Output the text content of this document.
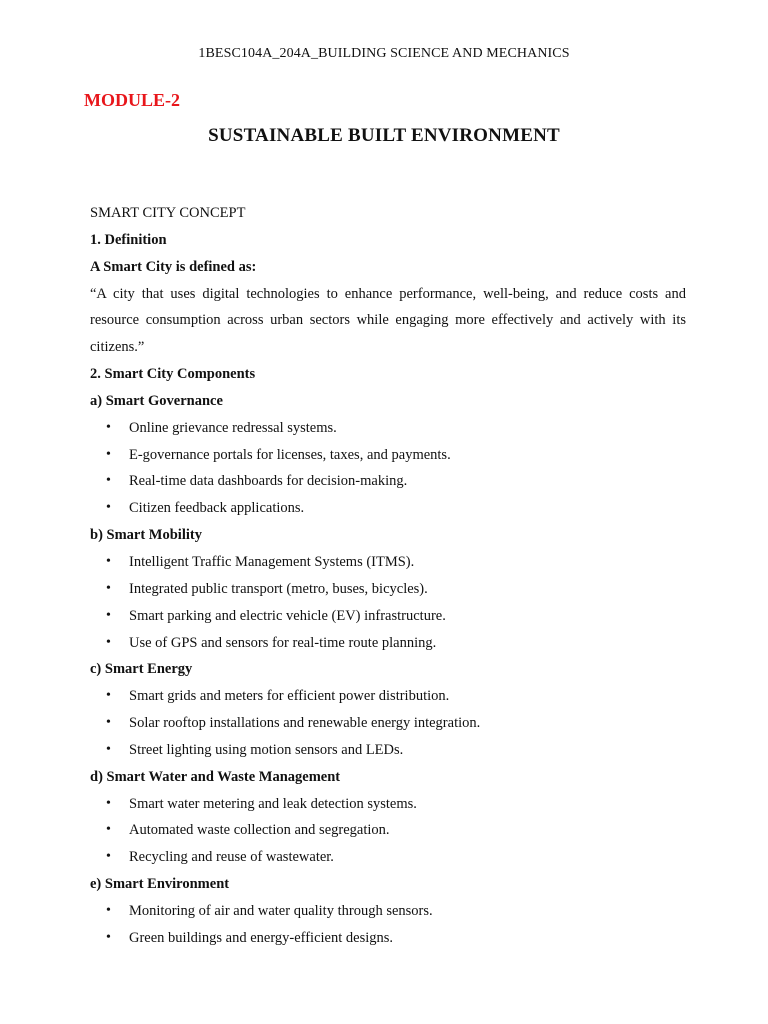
1BESC104A_204A_BUILDING SCIENCE AND MECHANICS
MODULE-2
SUSTAINABLE BUILT ENVIRONMENT
SMART CITY CONCEPT
1. Definition
A Smart City is defined as:
“A city that uses digital technologies to enhance performance, well-being, and reduce costs and
resource consumption across urban sectors while engaging more effectively and actively with its
citizens.”
2. Smart City Components
a) Smart Governance
• Online grievance redressal systems.
• E-governance portals for licenses, taxes, and payments.
• Real-time data dashboards for decision-making.
• Citizen feedback applications.
b) Smart Mobility
• Intelligent Traffic Management Systems (ITMS).
• Integrated public transport (metro, buses, bicycles).
• Smart parking and electric vehicle (EV) infrastructure.
• Use of GPS and sensors for real-time route planning.
c) Smart Energy
• Smart grids and meters for efficient power distribution.
• Solar rooftop installations and renewable energy integration.
• Street lighting using motion sensors and LEDs.
d) Smart Water and Waste Management
• Smart water metering and leak detection systems.
• Automated waste collection and segregation.
• Recycling and reuse of wastewater.
e) Smart Environment
• Monitoring of air and water quality through sensors.
• Green buildings and energy-efficient designs.
